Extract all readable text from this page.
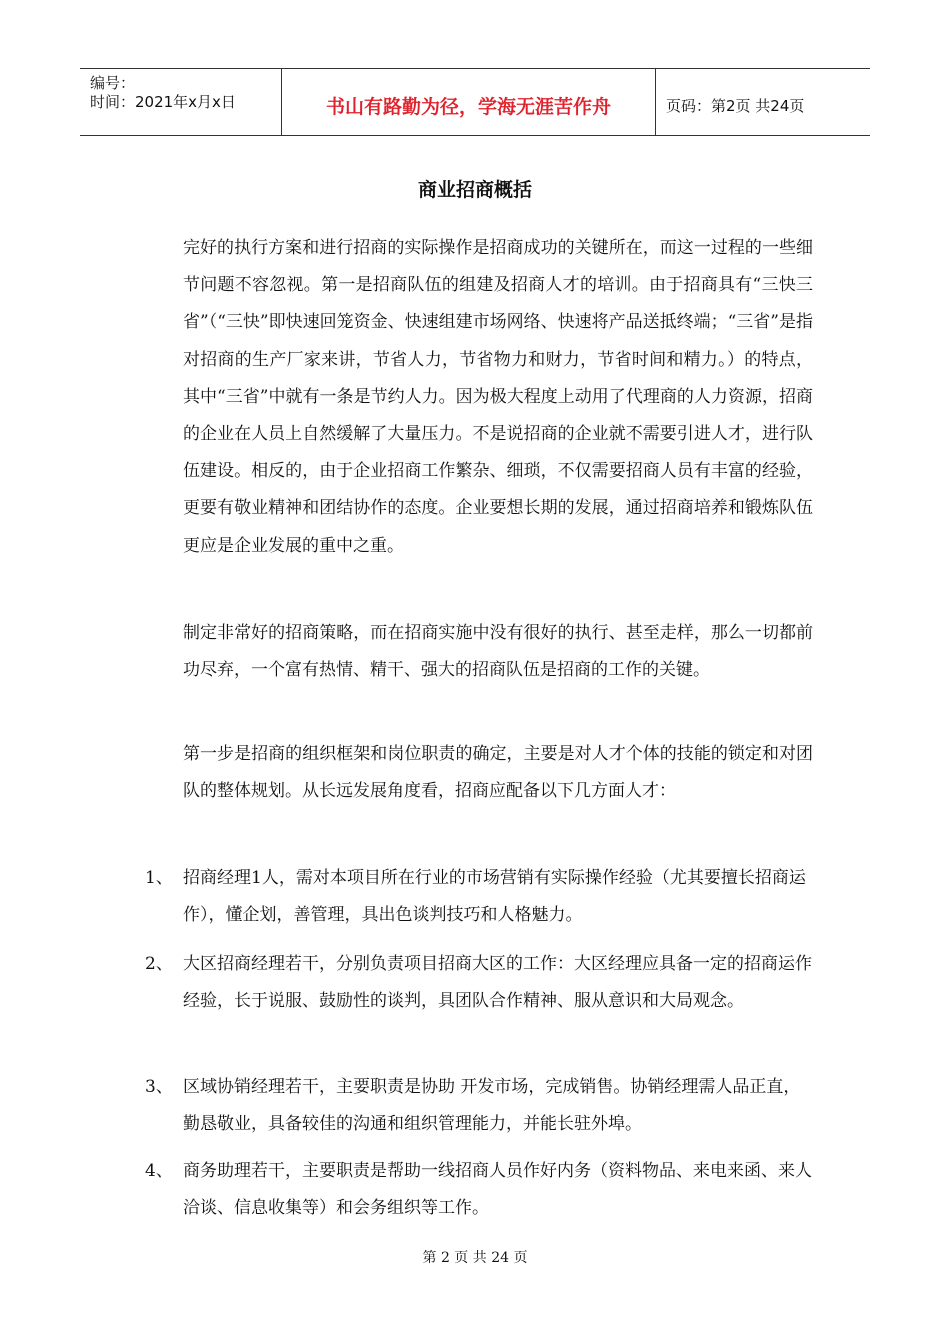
编号：
时间：2021年x月x日	书山有路勤为径，学海无涯苦作舟	页码：第2页 共24页
商业招商概括

完好的执行方案和进行招商的实际操作是招商成功的关键所在，而这一过程的一些细节问题不容忽视。第一是招商队伍的组建及招商人才的培训。由于招商具有“三快三省”（“三快”即快速回笼资金、快速组建市场网络、快速将产品送抵终端；“三省”是指对招商的生产厂家来讲，节省人力，节省物力和财力，节省时间和精力。）的特点，其中“三省”中就有一条是节约人力。因为极大程度上动用了代理商的人力资源，招商的企业在人员上自然缓解了大量压力。不是说招商的企业就不需要引进人才，进行队伍建设。相反的，由于企业招商工作繁杂、细琐，不仅需要招商人员有丰富的经验，更要有敬业精神和团结协作的态度。企业要想长期的发展，通过招商培养和锻炼队伍更应是企业发展的重中之重。

制定非常好的招商策略，而在招商实施中没有很好的执行、甚至走样，那么一切都前功尽弃，一个富有热情、精干、强大的招商队伍是招商的工作的关键。

第一步是招商的组织框架和岗位职责的确定，主要是对人才个体的技能的锁定和对团队的整体规划。从长远发展角度看，招商应配备以下几方面人才：

1、 招商经理1人，需对本项目所在行业的市场营销有实际操作经验（尤其要擅长招商运作），懂企划，善管理，具出色谈判技巧和人格魅力。

2、 大区招商经理若干，分别负责项目招商大区的工作：大区经理应具备一定的招商运作经验，长于说服、鼓励性的谈判，具团队合作精神、服从意识和大局观念。

3、 区域协销经理若干，主要职责是协助 开发市场，完成销售。协销经理需人品正直，勤恳敬业，具备较佳的沟通和组织管理能力，并能长驻外埠。

4、 商务助理若干，主要职责是帮助一线招商人员作好内务（资料物品、来电来函、来人洽谈、信息收集等）和会务组织等工作。

第 2 页 共 24 页
